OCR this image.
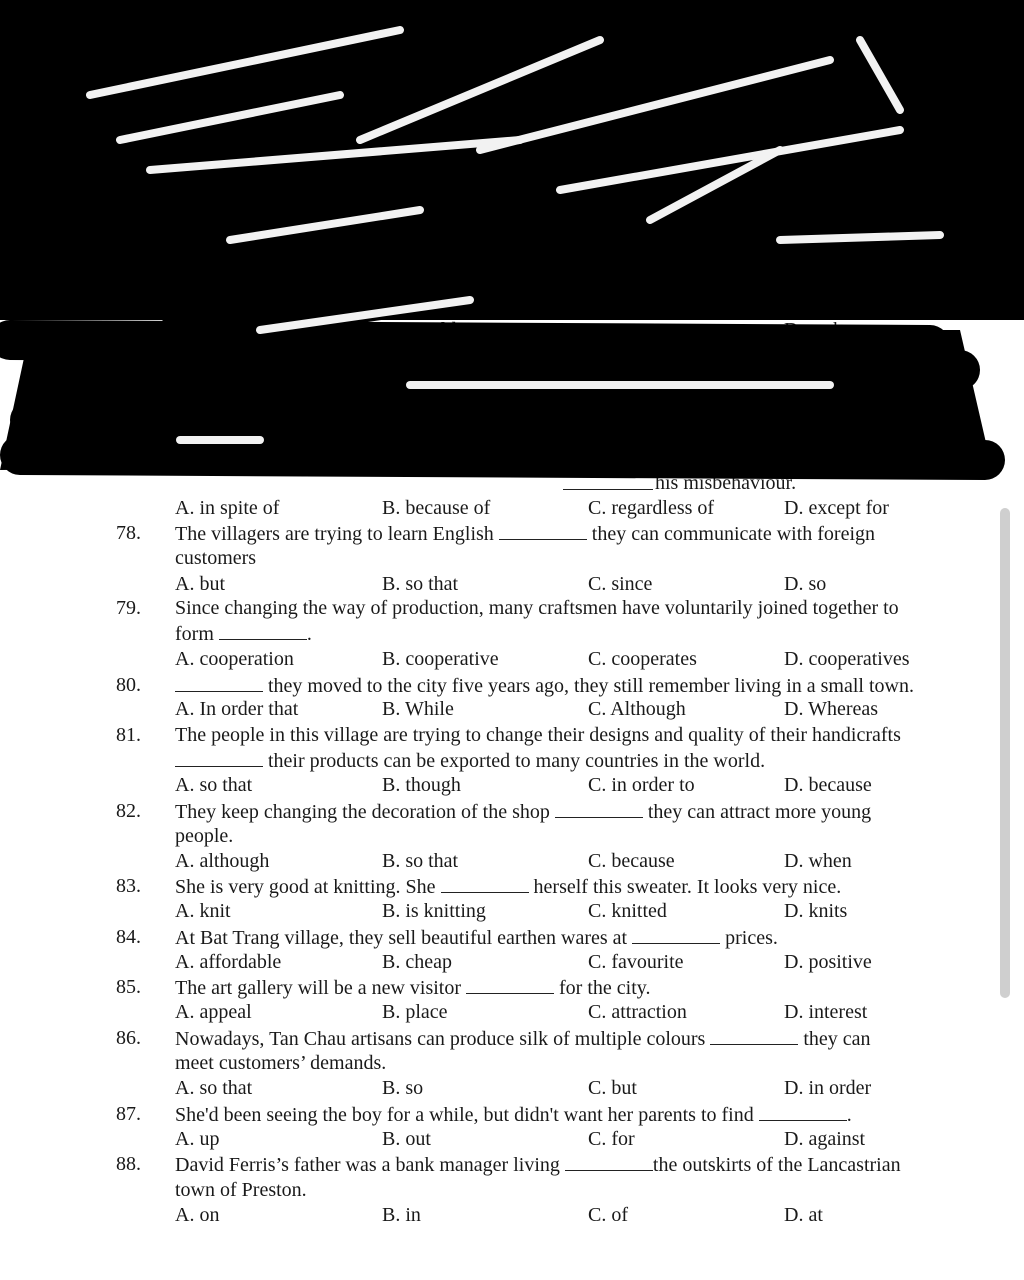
his misbehaviour.
A. in spite of	B. because of	C. regardless of	D. except for
78. The villagers are trying to learn English	they can communicate with foreign
customers
A. but	B. so that	C. since	D. so
79. Since changing the way of production, many craftsmen have voluntarily joined together to
form	.
A. cooperation	B. cooperative	C. cooperates	D. cooperatives
80.	they moved to the city five years ago, they still remember living in a small town.
A. In order that	B. While	C. Although	D. Whereas
81. The people in this village are trying to change their designs and quality of their handicrafts
their products can be exported to many countries in the world.
A. so that	B. though	C. in order to	D. because
82. They keep changing the decoration of the shop	they can attract more young
people.
A. although	B. so that	C. because	D. when
83. She is very good at knitting. She	herself this sweater. It looks very nice.
A. knit	B. is knitting	C. knitted	D. knits
84. At Bat Trang village, they sell beautiful earthen wares at	prices.
A. affordable	B. cheap	C. favourite	D. positive
85. The art gallery will be a new visitor	for the city.
A. appeal	B. place	C. attraction	D. interest
86. Nowadays, Tan Chau artisans can produce silk of multiple colours	they can
meet customers’ demands.
A. so that	B. so	C. but	D. in order
87. She'd been seeing the boy for a while, but didn't want her parents to find	.
A. up	B. out	C. for	D. against
88. David Ferris’s father was a bank manager living	the outskirts of the Lancastrian
town of Preston.
A. on	B. in	C. of	D. at
